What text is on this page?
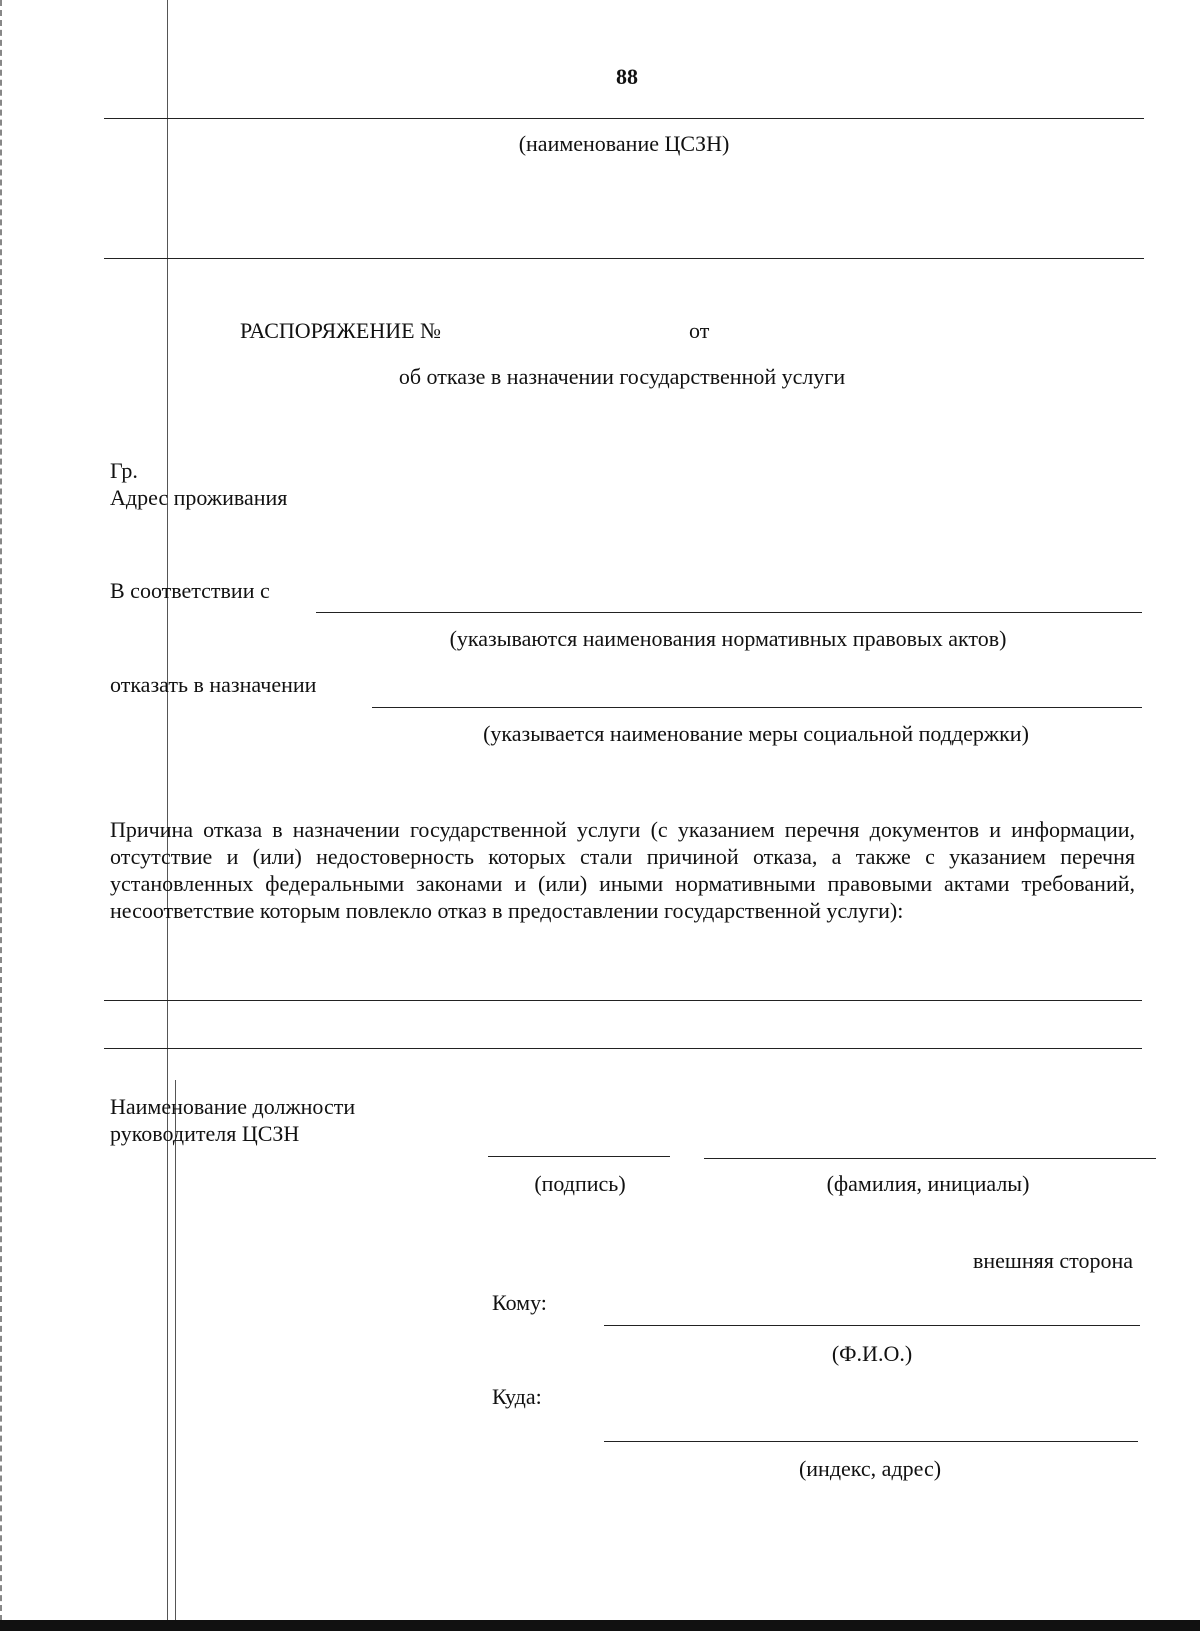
88
(наименование ЦСЗН)
РАСПОРЯЖЕНИЕ №	от
об отказе в назначении государственной услуги
Гр.
Адрес проживания
В соответствии с
(указываются наименования нормативных правовых актов)
отказать в назначении
(указывается наименование меры социальной поддержки)
Причина отказа в назначении государственной услуги (с указанием перечня документов и информации, отсутствие и (или) недостоверность которых стали причиной отказа, а также с указанием перечня установленных федеральными законами и (или) иными нормативными правовыми актами требований, несоответствие которым повлекло отказ в предоставлении государственной услуги):
Наименование должности
руководителя ЦСЗН
(подпись)	(фамилия, инициалы)
внешняя сторона
Кому:
(Ф.И.О.)
Куда:
(индекс, адрес)
